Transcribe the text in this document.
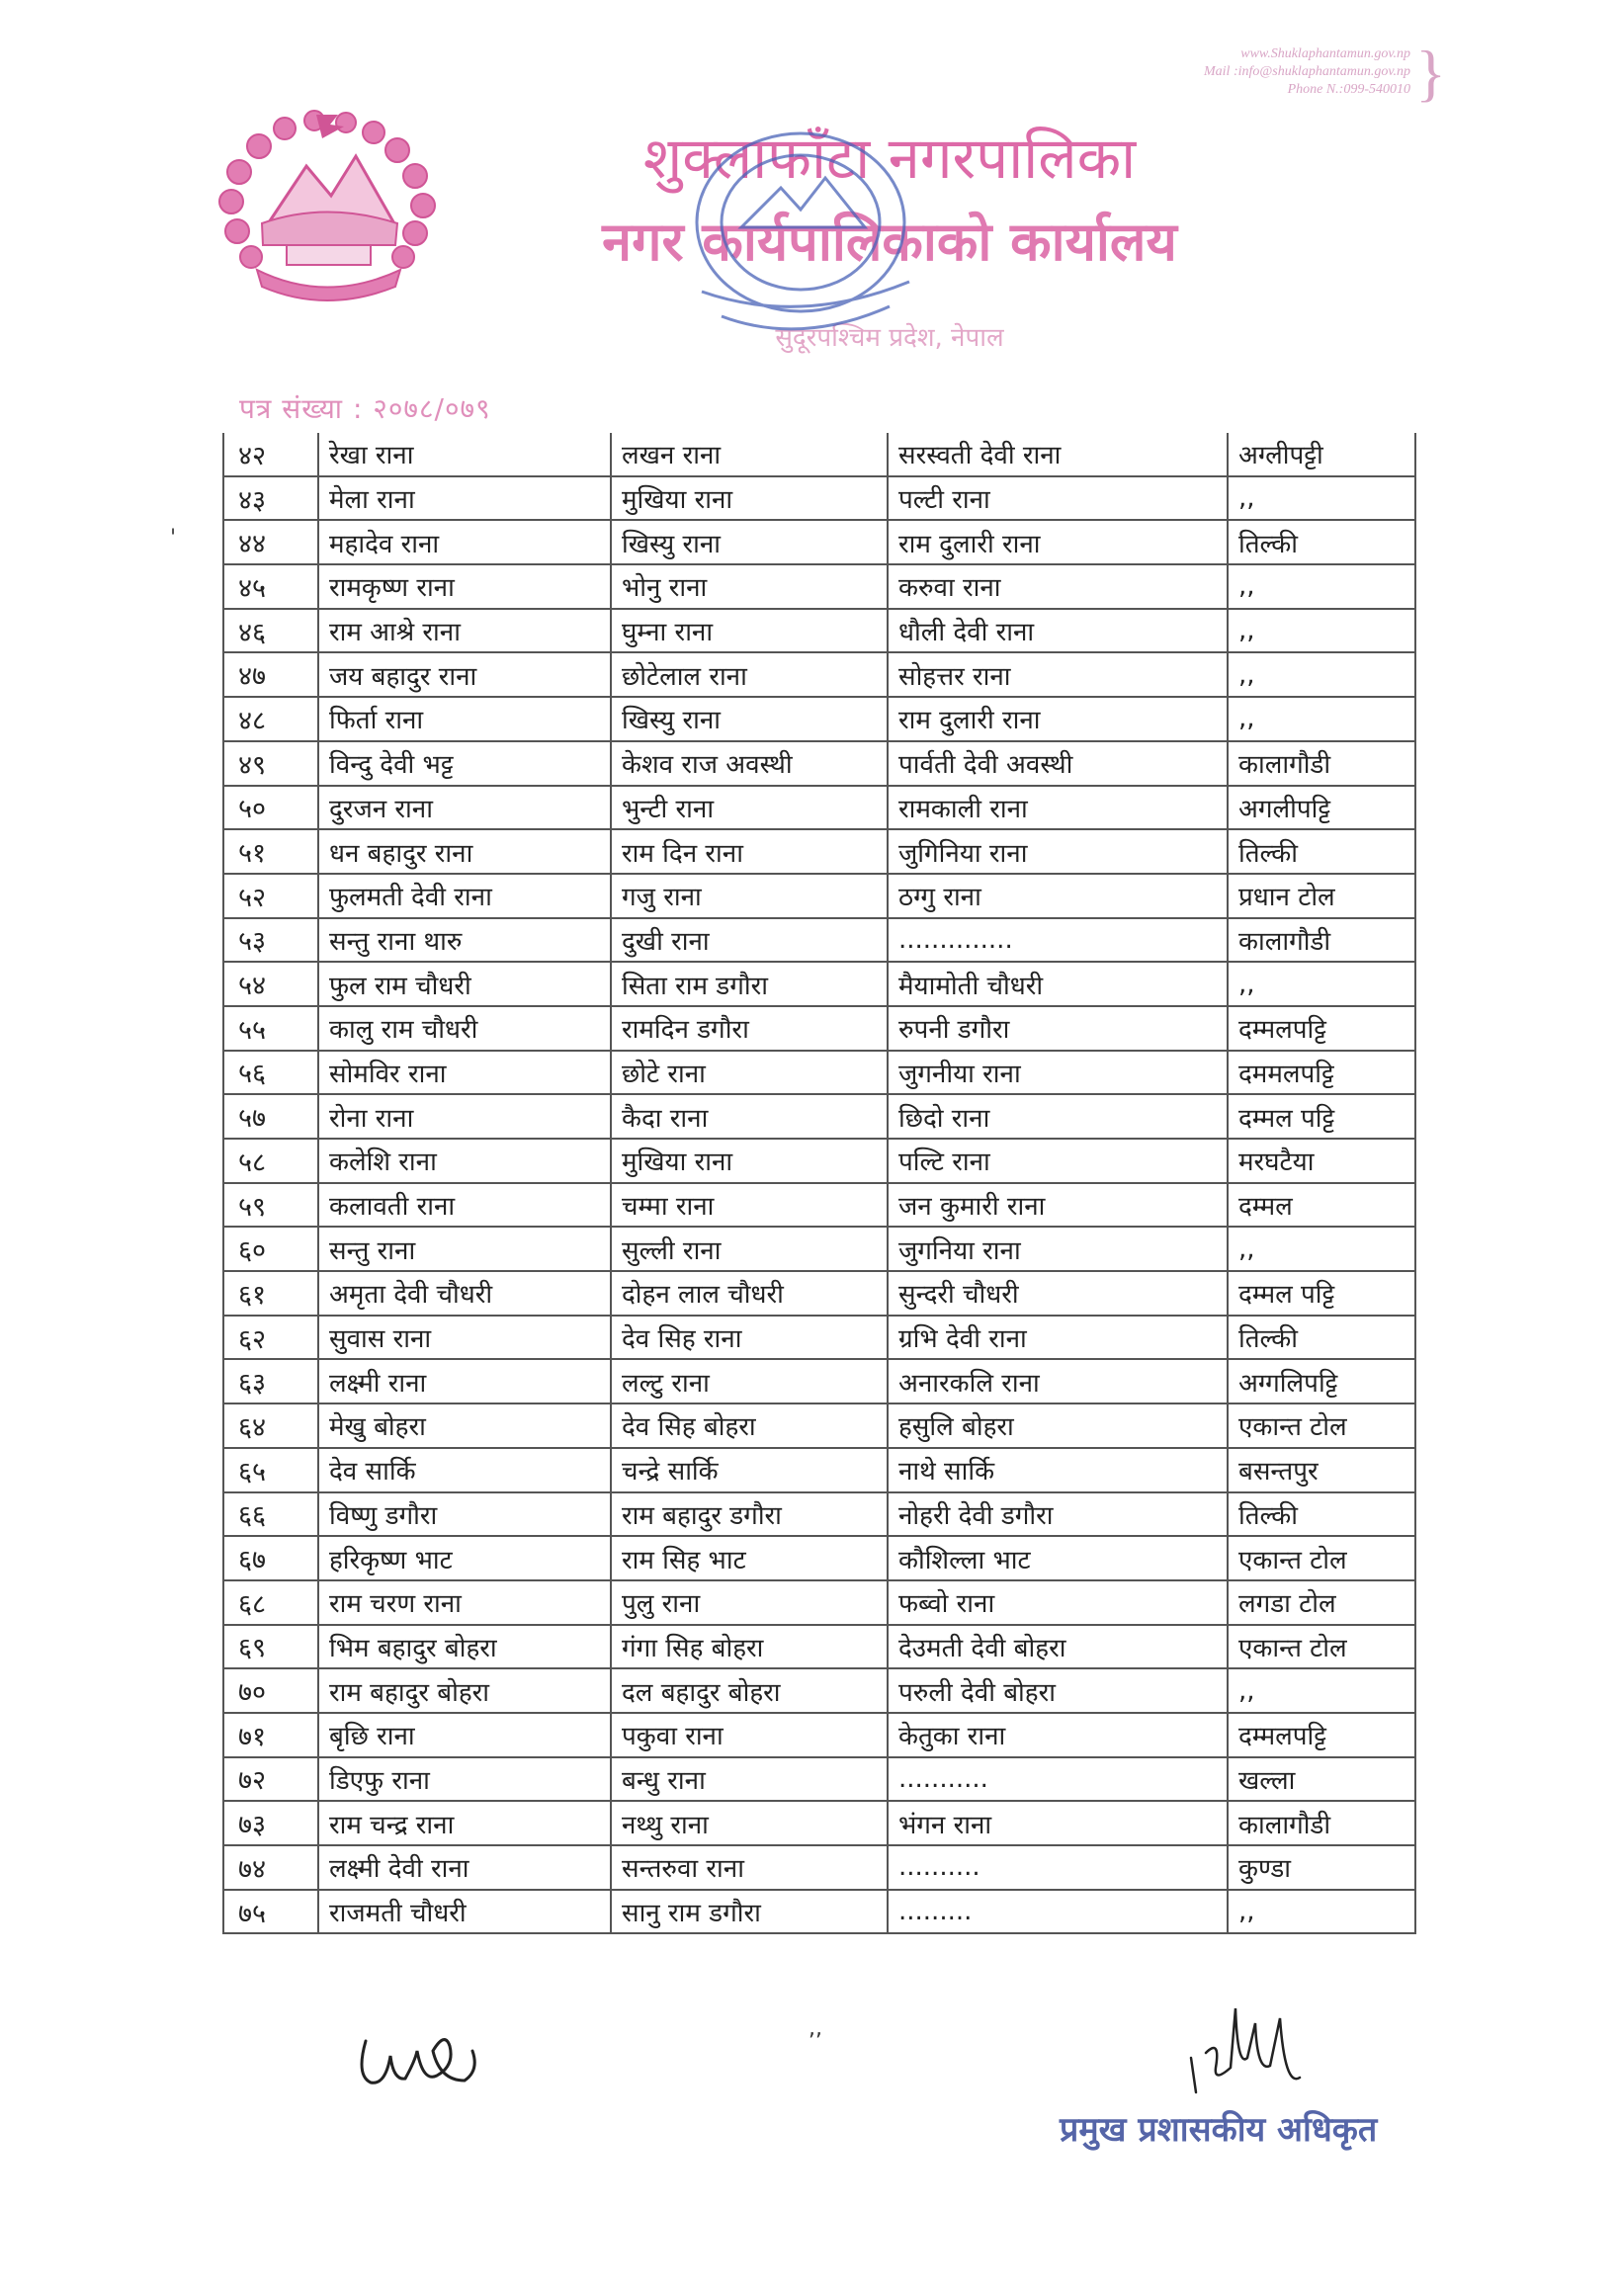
www.Shuklaphantamun.gov.np
Mail :info@shuklaphantamun.gov.np
Phone N.:099-540010 }
शुक्लाफाँटा नगरपालिका
नगर कार्यपालिकाको कार्यालय
सुदूरपश्चिम प्रदेश, नेपाल
पत्र संख्या : २०७८/०७९
'
४२	रेखा राना	लखन राना	सरस्वती देवी राना	अग्लीपट्टी
४३	मेला राना	मुखिया राना	पल्टी राना	,,
४४	महादेव राना	खिस्यु राना	राम दुलारी राना	तिल्की
४५	रामकृष्ण राना	भोनु राना	करुवा राना	,,
४६	राम आश्रे राना	घुम्ना राना	धौली देवी राना	,,
४७	जय बहादुर राना	छोटेलाल राना	सोहत्तर राना	,,
४८	फिर्ता राना	खिस्यु राना	राम दुलारी राना	,,
४९	विन्दु देवी भट्ट	केशव राज अवस्थी	पार्वती देवी अवस्थी	कालागौडी
५०	दुरजन राना	भुन्टी राना	रामकाली राना	अगलीपट्टि
५१	धन बहादुर राना	राम दिन राना	जुगिनिया राना	तिल्की
५२	फुलमती देवी राना	गजु राना	ठग्गु राना	प्रधान टोल
५३	सन्तु राना थारु	दुखी राना	..............	कालागौडी
५४	फुल राम चौधरी	सिता राम डगौरा	मैयामोती चौधरी	,,
५५	कालु राम चौधरी	रामदिन डगौरा	रुपनी डगौरा	दम्मलपट्टि
५६	सोमविर राना	छोटे राना	जुगनीया राना	दममलपट्टि
५७	रोना राना	कैदा राना	छिदो राना	दम्मल पट्टि
५८	कलेशि राना	मुखिया राना	पल्टि राना	मरघटैया
५९	कलावती राना	चम्मा राना	जन कुमारी राना	दम्मल
६०	सन्तु राना	सुल्ली राना	जुगनिया राना	,,
६१	अमृता देवी चौधरी	दोहन लाल चौधरी	सुन्दरी चौधरी	दम्मल पट्टि
६२	सुवास राना	देव सिह राना	ग्रभि देवी राना	तिल्की
६३	लक्ष्मी राना	लल्टु राना	अनारकलि राना	अग्गलिपट्टि
६४	मेखु बोहरा	देव सिह बोहरा	हसुलि बोहरा	एकान्त टोल
६५	देव सार्कि	चन्द्रे सार्कि	नाथे सार्कि	बसन्तपुर
६६	विष्णु डगौरा	राम बहादुर डगौरा	नोहरी देवी डगौरा	तिल्की
६७	हरिकृष्ण भाट	राम सिह भाट	कौशिल्ला भाट	एकान्त टोल
६८	राम चरण राना	पुलु राना	फब्वो राना	लगडा टोल
६९	भिम बहादुर बोहरा	गंगा सिह बोहरा	देउमती देवी बोहरा	एकान्त टोल
७०	राम बहादुर बोहरा	दल बहादुर बोहरा	परुली देवी बोहरा	,,
७१	बृछि राना	पकुवा राना	केतुका राना	दम्मलपट्टि
७२	डिएफु राना	बन्धु राना	...........	खल्ला
७३	राम चन्द्र राना	नथ्थु राना	भंगन राना	कालागौडी
७४	लक्ष्मी देवी राना	सन्तरुवा राना	..........	कुण्डा
७५	राजमती चौधरी	सानु राम डगौरा	.........	,,
,,
प्रमुख प्रशासकीय अधिकृत
